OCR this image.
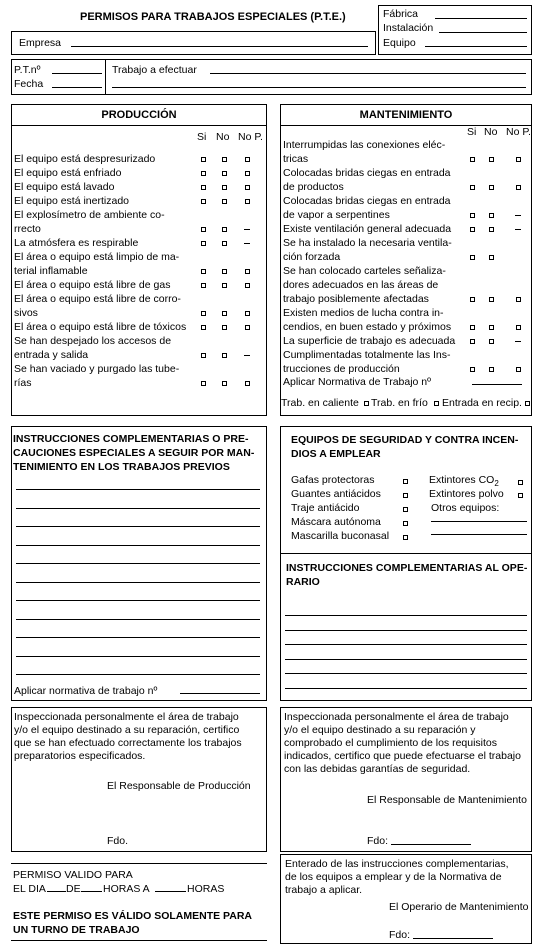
PERMISOS PARA TRABAJOS ESPECIALES (P.T.E.)
Empresa
Fábrica
Instalación
Equipo
P.T.nº
Fecha
Trabajo a efectuar
PRODUCCIÓN
Si No No P.
El equipo está despresurizado
El equipo está enfriado
El equipo está lavado
El equipo está inertizado
El explosímetro de ambiente co-
rrecto
La atmósfera es respirable
El área o equipo está limpio de ma-
terial inflamable
El área o equipo está libre de gas
El área o equipo está libre de corro-
sivos
El área o equipo está libre de tóxicos
Se han despejado los accesos de
entrada y salida
Se han vaciado y purgado las tube-
rías
MANTENIMIENTO
Si No No P.
Interrumpidas las conexiones eléc-
tricas
Colocadas bridas ciegas en entrada
de productos
Colocadas bridas ciegas en entrada
de vapor a serpentines
Existe ventilación general adecuada
Se ha instalado la necesaria ventila-
ción forzada
Se han colocado carteles señaliza-
dores adecuados en las áreas de
trabajo posiblemente afectadas
Existen medios de lucha contra in-
cendios, en buen estado y próximos
La superficie de trabajo es adecuada
Cumplimentadas totalmente las Ins-
trucciones de producción
Aplicar Normativa de Trabajo nº
Trab. en caliente Trab. en frío Entrada en recip.
INSTRUCCIONES COMPLEMENTARIAS O PRE-
CAUCIONES ESPECIALES A SEGUIR POR MAN-
TENIMIENTO EN LOS TRABAJOS PREVIOS
Aplicar normativa de trabajo nº
EQUIPOS DE SEGURIDAD Y CONTRA INCEN-
DIOS A EMPLEAR
Gafas protectoras
Guantes antiácidos
Traje antiácido
Máscara autónoma
Mascarilla buconasal
Extintores $CO_2$
Extintores polvo
Otros equipos:
INSTRUCCIONES COMPLEMENTARIAS AL OPE-
RARIO
Inspeccionada personalmente el área de trabajo
y/o el equipo destinado a su reparación, certifico
que se han efectuado correctamente los trabajos
preparatorios especificados.
El Responsable de Producción
Fdo.
Inspeccionada personalmente el área de trabajo
y/o el equipo destinado a su reparación y
comprobado el cumplimiento de los requisitos
indicados, certifico que puede efectuarse el trabajo
con las debidas garantías de seguridad.
El Responsable de Mantenimiento
Fdo:
PERMISO VALIDO PARA
EL DIA DE HORAS A	HORAS
ESTE PERMISO ES VÁLIDO SOLAMENTE PARA
UN TURNO DE TRABAJO
Enterado de las instrucciones complementarias,
de los equipos a emplear y de la Normativa de
trabajo a aplicar.
El Operario de Mantenimiento
Fdo:
